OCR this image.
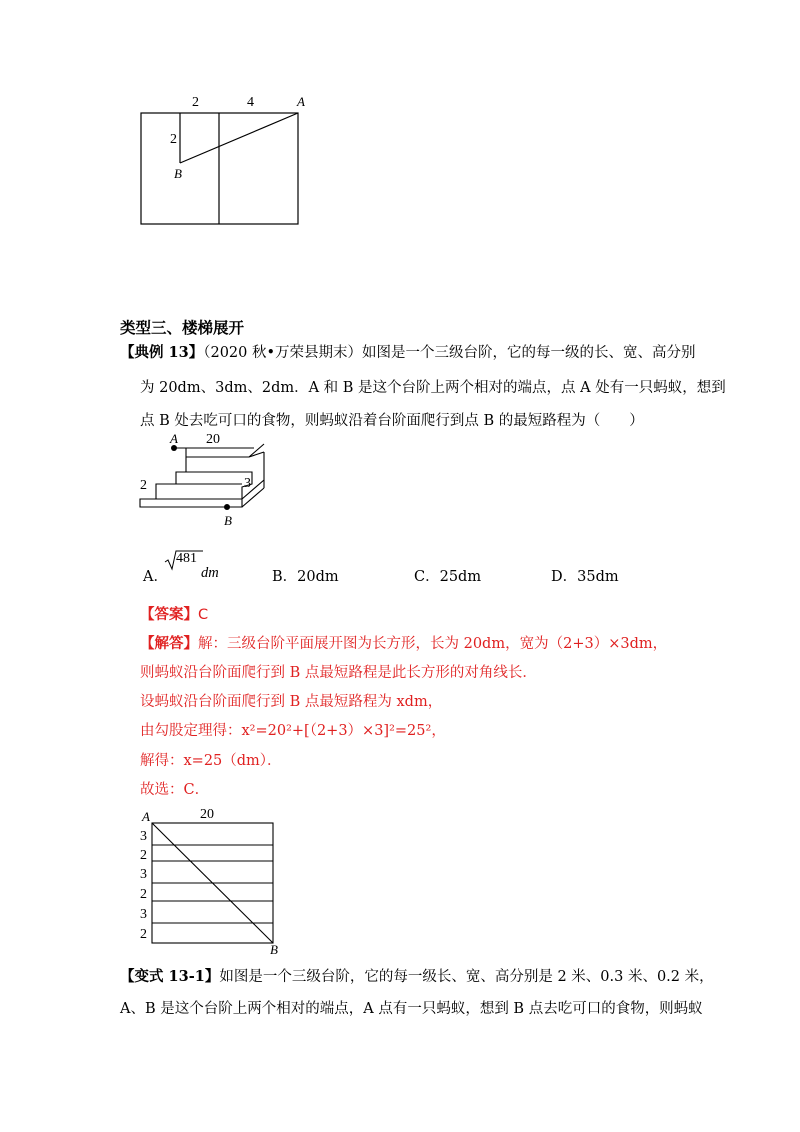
2	4	A
2
B
类型三、楼梯展开
【典例 13】（2020 秋•万荣县期末）如图是一个三级台阶，它的每一级的长、宽、高分别
为 20dm、3dm、2dm．A 和 B 是这个台阶上两个相对的端点，点 A 处有一只蚂蚁，想到
点 B 处去吃可口的食物，则蚂蚁沿着台阶面爬行到点 B 的最短路程为（　　）
A 20
2	3
B
A．
481
dm	B．20dm	C．25dm	D．35dm
【答案】C
【解答】解：三级台阶平面展开图为长方形，长为 20dm，宽为（2+3）×3dm，
则蚂蚁沿台阶面爬行到 B 点最短路程是此长方形的对角线长．
设蚂蚁沿台阶面爬行到 B 点最短路程为 xdm，
由勾股定理得：x²=20²+[（2+3）×3]²=25²，
解得：x=25（dm）．
故选：C．
A	20
B
3
2
3
2
3
2
【变式 13-1】如图是一个三级台阶，它的每一级长、宽、高分别是 2 米、0.3 米、0.2 米，
A、B 是这个台阶上两个相对的端点，A 点有一只蚂蚁，想到 B 点去吃可口的食物，则蚂蚁
